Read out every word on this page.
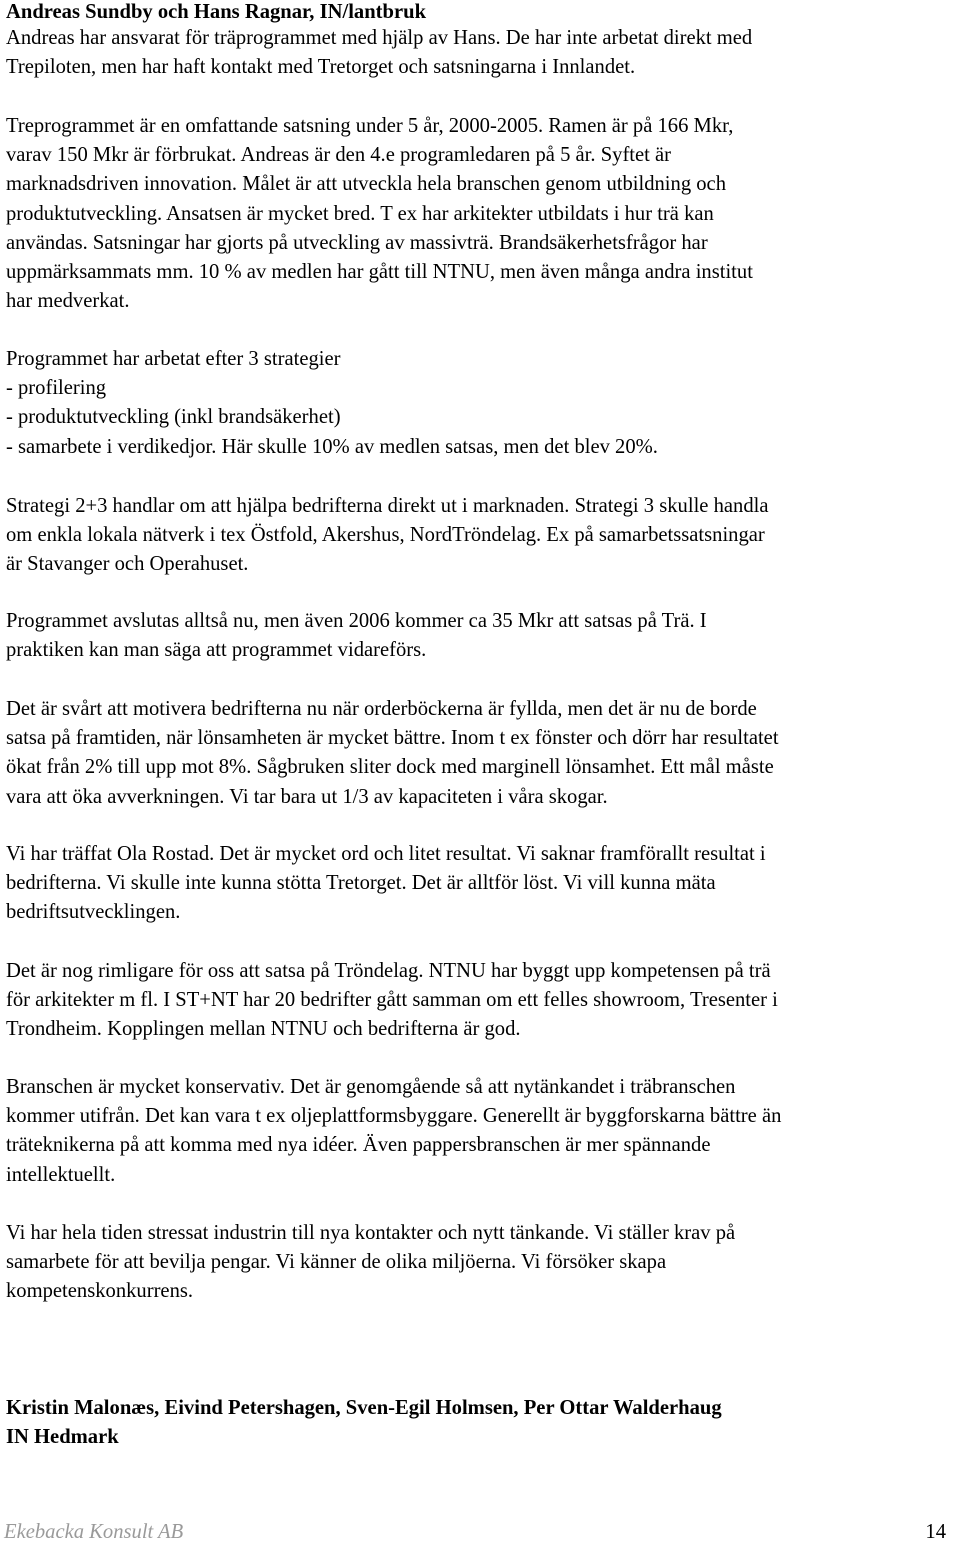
Andreas Sundby och Hans Ragnar, IN/lantbruk
Andreas har ansvarat för träprogrammet med hjälp av Hans. De har inte arbetat direkt med
Trepiloten, men har haft kontakt med Tretorget och satsningarna i Innlandet.
Treprogrammet är en omfattande satsning under 5 år, 2000-2005. Ramen är på 166 Mkr,
varav 150 Mkr är förbrukat. Andreas är den 4.e programledaren på 5 år. Syftet är
marknadsdriven innovation. Målet är att utveckla hela branschen genom utbildning och
produktutveckling. Ansatsen är mycket bred. T ex har arkitekter utbildats i hur trä kan
användas. Satsningar har gjorts på utveckling av massivträ. Brandsäkerhetsfrågor har
uppmärksammats mm. 10 % av medlen har gått till NTNU, men även många andra institut
har medverkat.
Programmet har arbetat efter 3 strategier
- profilering
- produktutveckling (inkl brandsäkerhet)
- samarbete i verdikedjor. Här skulle 10% av medlen satsas, men det blev 20%.
Strategi 2+3 handlar om att hjälpa bedrifterna direkt ut i marknaden. Strategi 3 skulle handla
om enkla lokala nätverk i tex Östfold, Akershus, NordTröndelag. Ex på samarbetssatsningar
är Stavanger och Operahuset.
Programmet avslutas alltså nu, men även 2006 kommer ca 35 Mkr att satsas på Trä. I
praktiken kan man säga att programmet vidareförs.
Det är svårt att motivera bedrifterna nu när orderböckerna är fyllda, men det är nu de borde
satsa på framtiden, när lönsamheten är mycket bättre. Inom t ex fönster och dörr har resultatet
ökat från 2% till upp mot 8%. Sågbruken sliter dock med marginell lönsamhet. Ett mål måste
vara att öka avverkningen. Vi tar bara ut 1/3 av kapaciteten i våra skogar.
Vi har träffat Ola Rostad. Det är mycket ord och litet resultat. Vi saknar framförallt resultat i
bedrifterna. Vi skulle inte kunna stötta Tretorget. Det är alltför löst. Vi vill kunna mäta
bedriftsutvecklingen.
Det är nog rimligare för oss att satsa på Tröndelag. NTNU har byggt upp kompetensen på trä
för arkitekter m fl. I ST+NT har 20 bedrifter gått samman om ett felles showroom, Tresenter i
Trondheim. Kopplingen mellan NTNU och bedrifterna är god.
Branschen är mycket konservativ. Det är genomgående så att nytänkandet i träbranschen
kommer utifrån. Det kan vara t ex oljeplattformsbyggare. Generellt är byggforskarna bättre än
träteknikerna på att komma med nya idéer. Även pappersbranschen är mer spännande
intellektuellt.
Vi har hela tiden stressat industrin till nya kontakter och nytt tänkande. Vi ställer krav på
samarbete för att bevilja pengar. Vi känner de olika miljöerna. Vi försöker skapa
kompetenskonkurrens.
Kristin Malonæs, Eivind Petershagen, Sven-Egil Holmsen, Per Ottar Walderhaug
IN Hedmark
Ekebacka Konsult AB	14
